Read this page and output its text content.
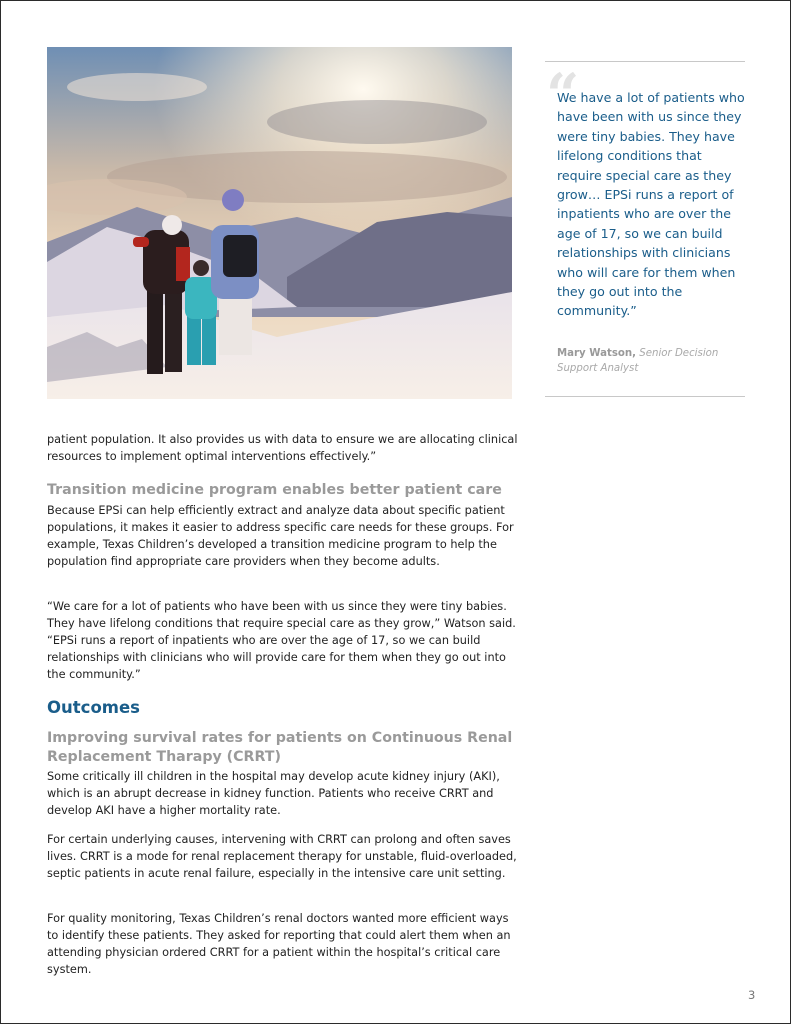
“

We have a lot of patients who have been with us since they were tiny babies. They have lifelong conditions that require special care as they grow… EPSi runs a report of inpatients who are over the age of 17, so we can build relationships with clinicians who will care for them when they go out into the community.”

Mary Watson, Senior Decision Support Analyst

patient population. It also provides us with data to ensure we are allocating clinical resources to implement optimal interventions effectively.”

Transition medicine program enables better patient care

Because EPSi can help efficiently extract and analyze data about specific patient populations, it makes it easier to address specific care needs for these groups. For example, Texas Children’s developed a transition medicine program to help the population find appropriate care providers when they become adults.

“We care for a lot of patients who have been with us since they were tiny babies. They have lifelong conditions that require special care as they grow,” Watson said. “EPSi runs a report of inpatients who are over the age of 17, so we can build relationships with clinicians who will provide care for them when they go out into the community.”

Outcomes
Improving survival rates for patients on Continuous Renal Replacement Tharapy (CRRT)

Some critically ill children in the hospital may develop acute kidney injury (AKI), which is an abrupt decrease in kidney function. Patients who receive CRRT and develop AKI have a higher mortality rate.

For certain underlying causes, intervening with CRRT can prolong and often saves lives. CRRT is a mode for renal replacement therapy for unstable, fluid-overloaded, septic patients in acute renal failure, especially in the intensive care unit setting.

For quality monitoring, Texas Children’s renal doctors wanted more efficient ways to identify these patients. They asked for reporting that could alert them when an attending physician ordered CRRT for a patient within the hospital’s critical care system.

3
